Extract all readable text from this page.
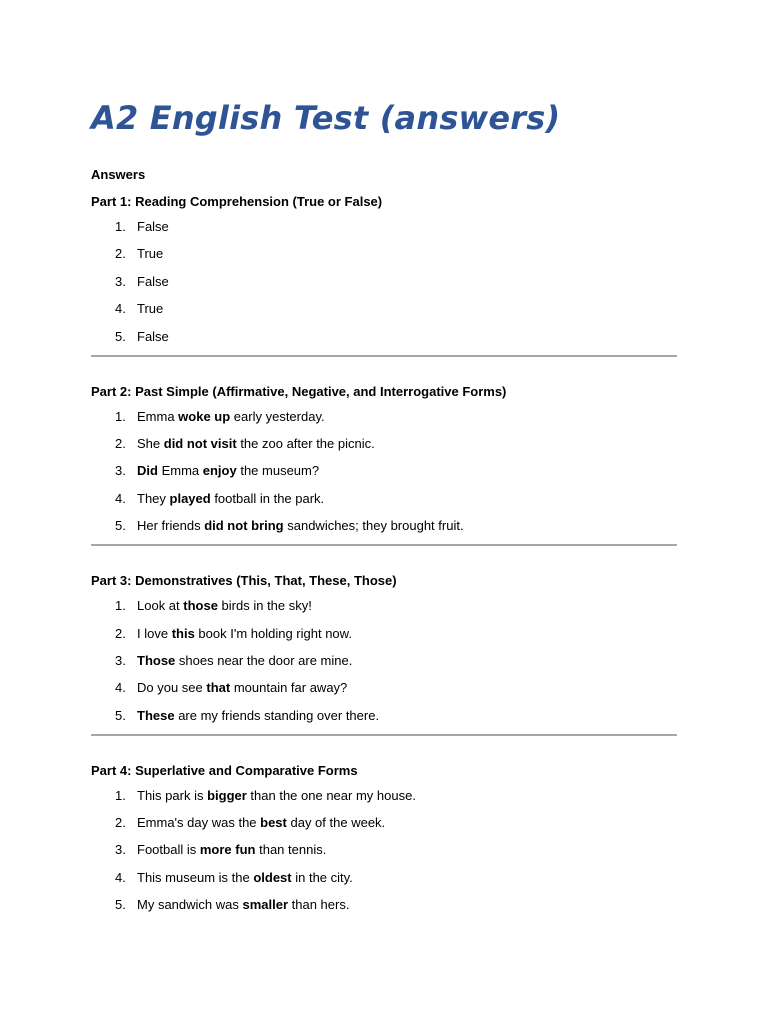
A2 English Test (answers)
Answers
Part 1: Reading Comprehension (True or False)
1. False
2. True
3. False
4. True
5. False
Part 2: Past Simple (Affirmative, Negative, and Interrogative Forms)
1. Emma woke up early yesterday.
2. She did not visit the zoo after the picnic.
3. Did Emma enjoy the museum?
4. They played football in the park.
5. Her friends did not bring sandwiches; they brought fruit.
Part 3: Demonstratives (This, That, These, Those)
1. Look at those birds in the sky!
2. I love this book I'm holding right now.
3. Those shoes near the door are mine.
4. Do you see that mountain far away?
5. These are my friends standing over there.
Part 4: Superlative and Comparative Forms
1. This park is bigger than the one near my house.
2. Emma's day was the best day of the week.
3. Football is more fun than tennis.
4. This museum is the oldest in the city.
5. My sandwich was smaller than hers.
